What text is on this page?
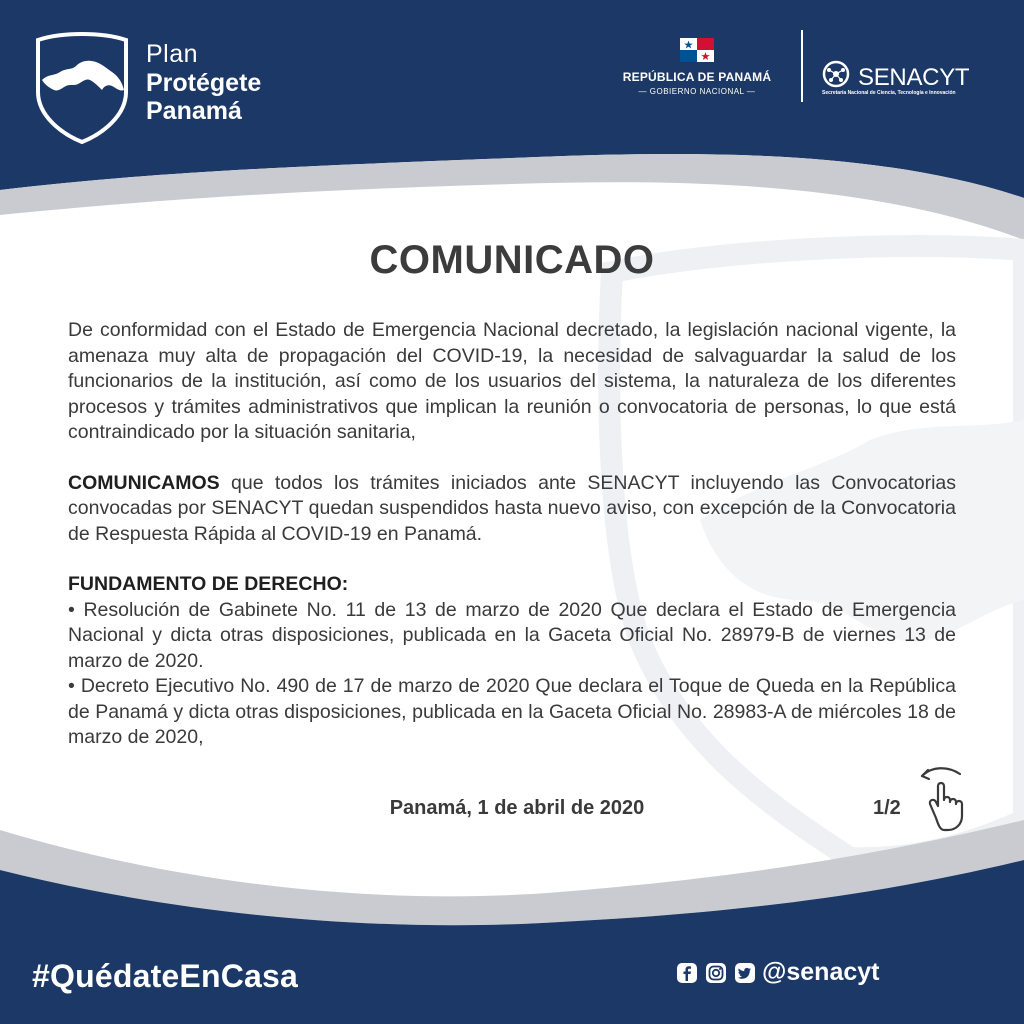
Plan
Protégete
Panamá
REPÚBLICA DE PANAMÁ
— GOBIERNO NACIONAL —
SENACYT
Secretaría Nacional de Ciencia, Tecnología e Innovación
COMUNICADO

De conformidad con el Estado de Emergencia Nacional decretado, la legislación nacional vigente, la amenaza muy alta de propagación del COVID-19, la necesidad de salvaguardar la salud de los funcionarios de la institución, así como de los usuarios del sistema, la naturaleza de los diferentes procesos y trámites administrativos que implican la reunión o convocatoria de personas, lo que está contraindicado por la situación sanitaria,

COMUNICAMOS que todos los trámites iniciados ante SENACYT incluyendo las Convocatorias convocadas por SENACYT quedan suspendidos hasta nuevo aviso, con excepción de la Convocatoria de Respuesta Rápida al COVID-19 en Panamá.

FUNDAMENTO DE DERECHO:

• Resolución de Gabinete No. 11 de 13 de marzo de 2020 Que declara el Estado de Emergencia Nacional y dicta otras disposiciones, publicada en la Gaceta Oficial No. 28979-B de viernes 13 de marzo de 2020.

• Decreto Ejecutivo No. 490 de 17 de marzo de 2020 Que declara el Toque de Queda en la República de Panamá y dicta otras disposiciones, publicada en la Gaceta Oficial No. 28983-A de miércoles 18 de marzo de 2020,

Panamá, 1 de abril de 2020	1/2
#QuédateEnCasa	@senacyt
